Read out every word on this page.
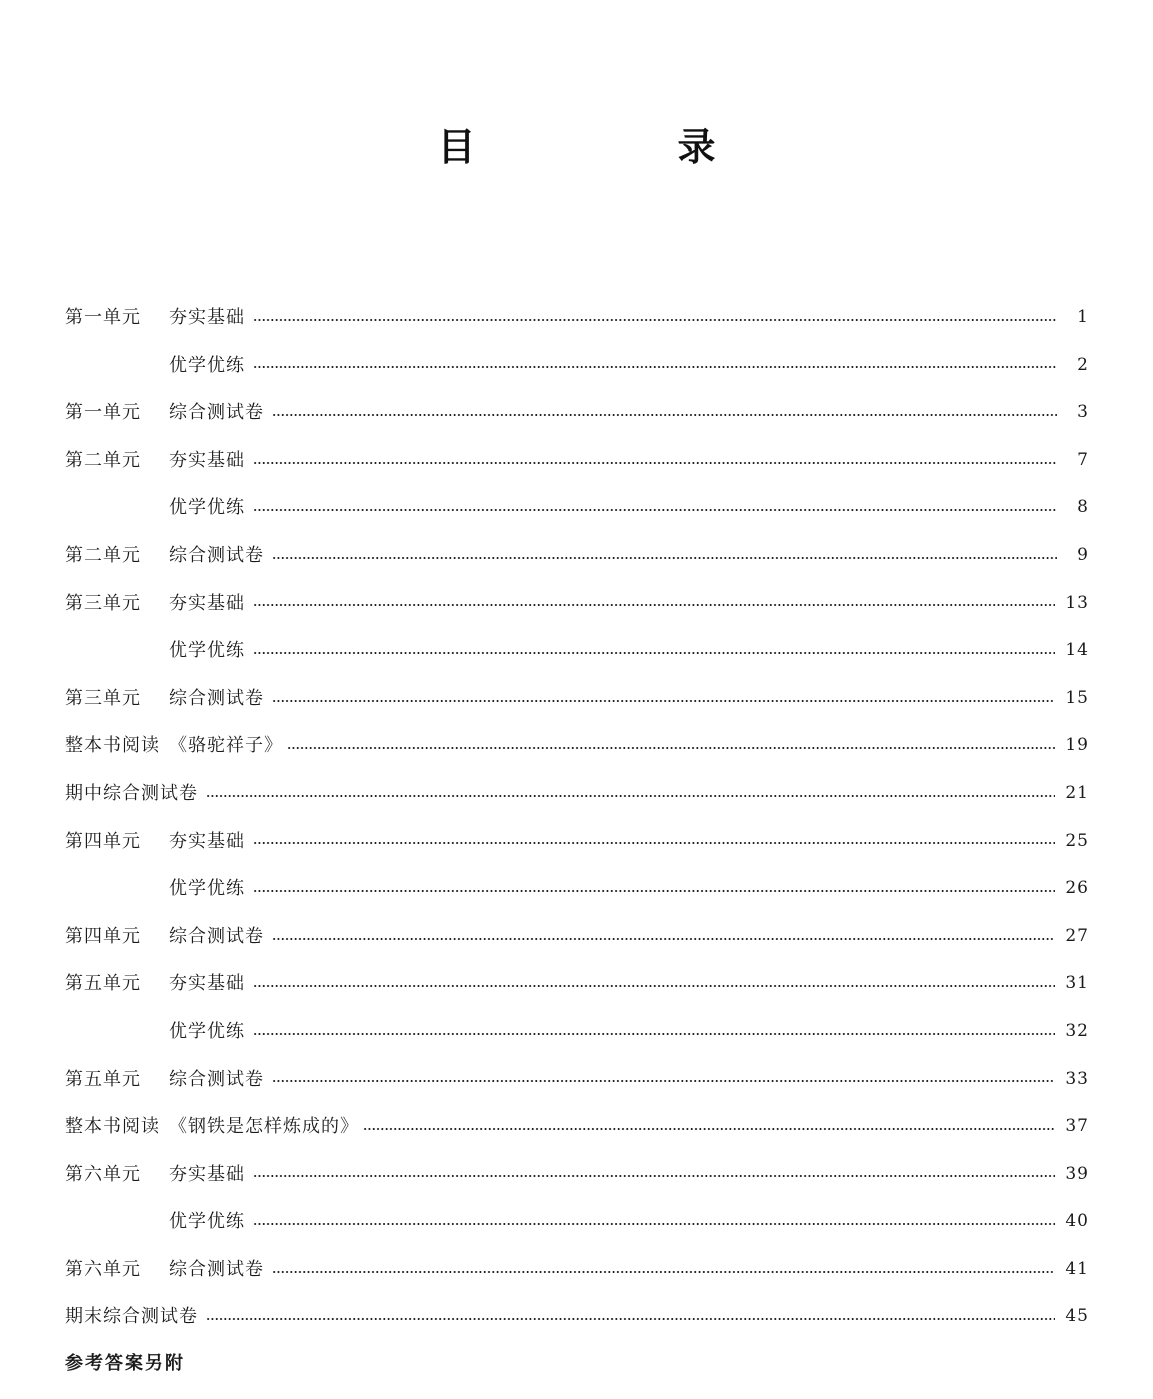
目　录
第一单元	夯实基础	1
优学优练	2
第一单元	综合测试卷	3
第二单元	夯实基础	7
优学优练	8
第二单元	综合测试卷	9
第三单元	夯实基础	13
优学优练	14
第三单元	综合测试卷	15
整本书阅读 《骆驼祥子》	19
期中综合测试卷	21
第四单元	夯实基础	25
优学优练	26
第四单元	综合测试卷	27
第五单元	夯实基础	31
优学优练	32
第五单元	综合测试卷	33
整本书阅读 《钢铁是怎样炼成的》	37
第六单元	夯实基础	39
优学优练	40
第六单元	综合测试卷	41
期末综合测试卷	45
参考答案另附
